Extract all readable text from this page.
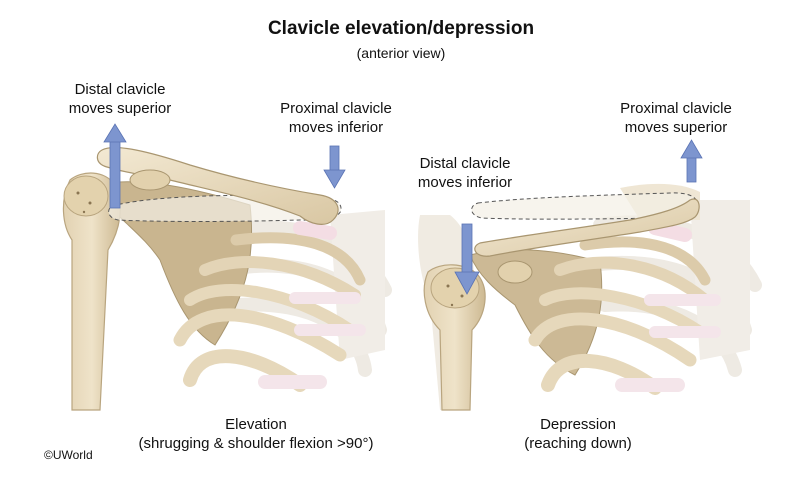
Clavicle elevation/depression
(anterior view)
Distal clavicle
moves superior	Proximal clavicle
moves inferior
Elevation
(shrugging & shoulder flexion >90°)
Distal clavicle
moves inferior
Proximal clavicle
moves superior
Depression
(reaching down)
©UWorld
